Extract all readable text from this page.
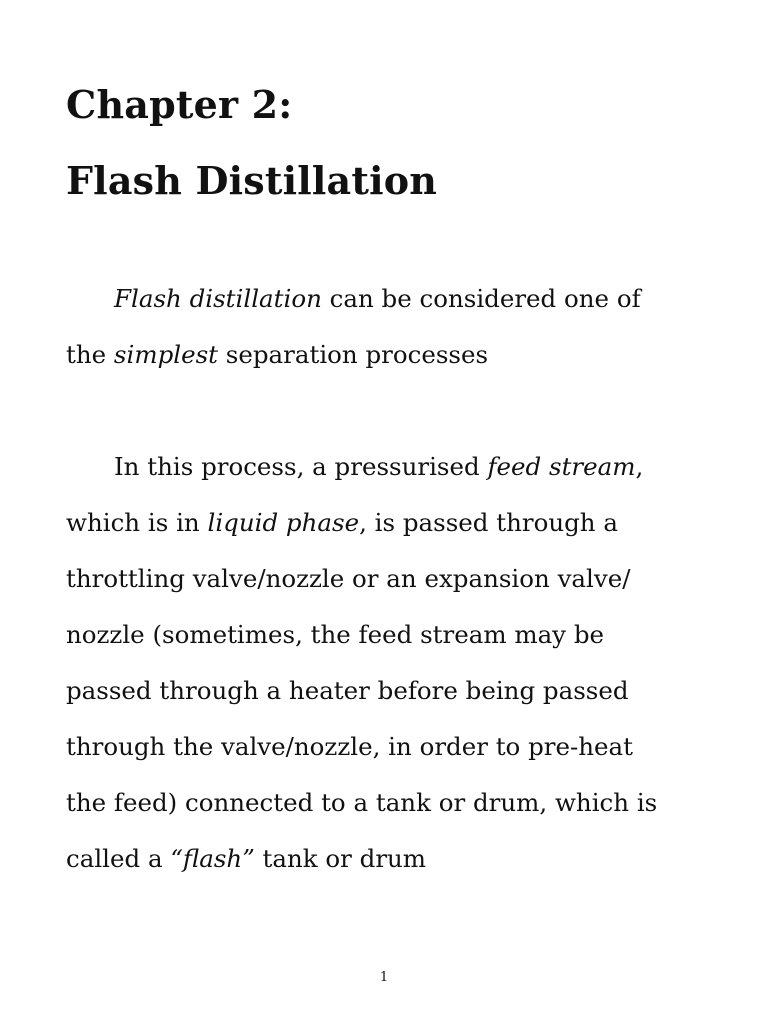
Chapter 2:
Flash Distillation

Flash distillation can be considered one of

the simplest separation processes

In this process, a pressurised feed stream,

which is in liquid phase, is passed through a

throttling valve/nozzle or an expansion valve/

nozzle (sometimes, the feed stream may be

passed through a heater before being passed

through the valve/nozzle, in order to pre-heat

the feed) connected to a tank or drum, which is

called a “flash” tank or drum

1
